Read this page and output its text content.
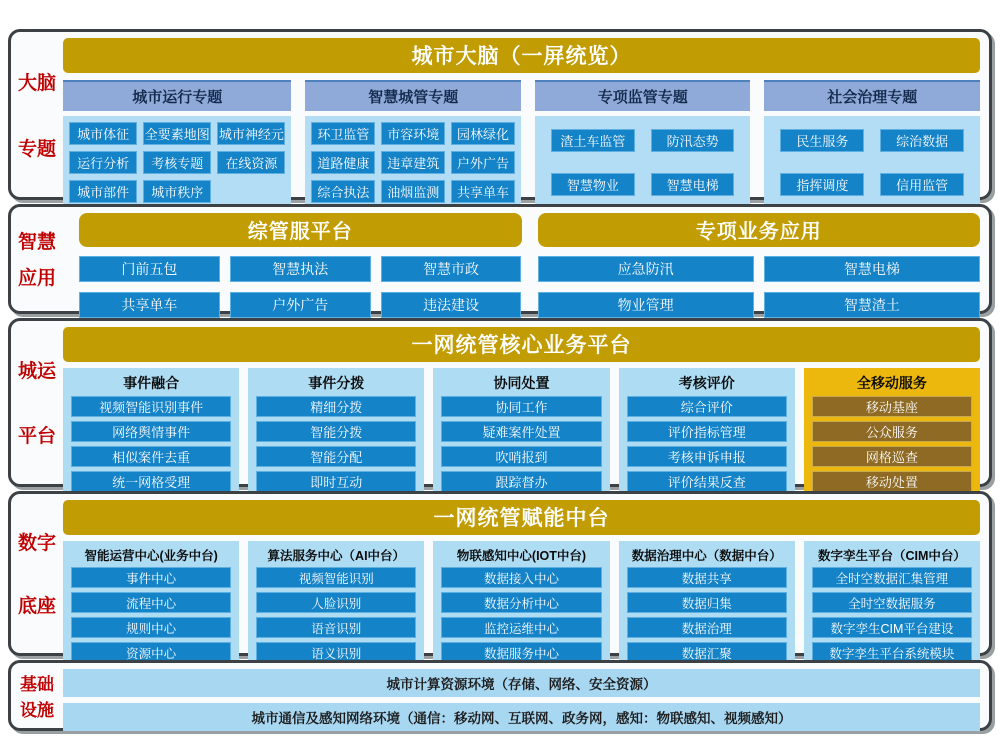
大脑
专题
城市大脑（一屏统览）
城市运行专题
城市体征	全要素地图 城市神经元
运行分析	考核专题	在线资源
城市部件	城市秩序
智慧城管专题
环卫监管	市容环境	园林绿化
道路健康	违章建筑	户外广告
综合执法	油烟监测	共享单车
专项监管专题
渣土车监管	防汛态势
智慧物业	智慧电梯
社会治理专题
民生服务	综治数据
指挥调度	信用监管
智慧
应用
综管服平台
门前五包	智慧执法	智慧市政
共享单车	户外广告	违法建设
专项业务应用
应急防汛	智慧电梯
物业管理	智慧渣土
城运
平台
一网统管核心业务平台
事件融合
视频智能识别事件
网络舆情事件
相似案件去重
统一网格受理
事件分拨
精细分拨
智能分拨
智能分配
即时互动
协同处置
协同工作
疑难案件处置
吹哨报到
跟踪督办
考核评价
综合评价
评价指标管理
考核申诉申报
评价结果反查
全移动服务
移动基座
公众服务
网格巡查
移动处置
数字
底座
一网统管赋能中台
智能运营中心(业务中台)
事件中心
流程中心
规则中心
资源中心
算法服务中心（AI中台）
视频智能识别
人脸识别
语音识别
语义识别
物联感知中心(IOT中台)
数据接入中心
数据分析中心
监控运维中心
数据服务中心
数据治理中心（数据中台）
数据共享
数据归集
数据治理
数据汇聚
数字孪生平台（CIM中台）
全时空数据汇集管理
全时空数据服务
数字孪生CIM平台建设
数字孪生平台系统模块
基础
设施
城市计算资源环境（存储、网络、安全资源）
城市通信及感知网络环境（通信：移动网、互联网、政务网，感知：物联感知、视频感知）
